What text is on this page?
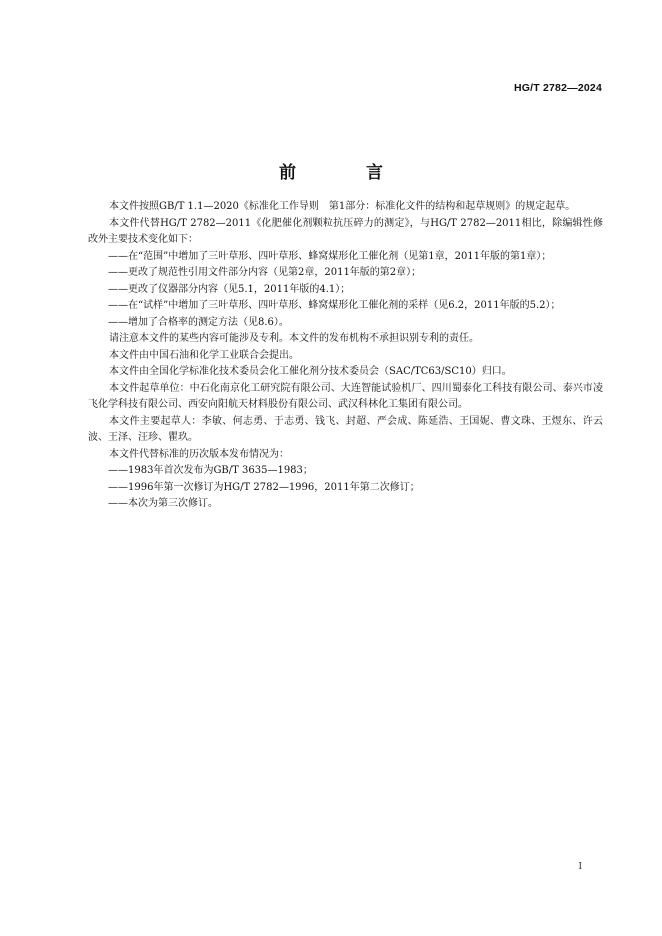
HG/T 2782—2024
前 言

本文件按照GB/T 1.1—2020《标准化工作导则　第1部分：标准化文件的结构和起草规则》的规定起草。

本文件代替HG/T 2782—2011《化肥催化剂颗粒抗压碎力的测定》，与HG/T 2782—2011相比，除编辑性修改外主要技术变化如下：

——在“范围”中增加了三叶草形、四叶草形、蜂窝煤形化工催化剂（见第1章，2011年版的第1章）；

——更改了规范性引用文件部分内容（见第2章，2011年版的第2章）；

——更改了仪器部分内容（见5.1，2011年版的4.1）；

——在“试样”中增加了三叶草形、四叶草形、蜂窝煤形化工催化剂的采样（见6.2，2011年版的5.2）；

——增加了合格率的测定方法（见8.6）。

请注意本文件的某些内容可能涉及专利。本文件的发布机构不承担识别专利的责任。

本文件由中国石油和化学工业联合会提出。

本文件由全国化学标准化技术委员会化工催化剂分技术委员会（SAC/TC63/SC10）归口。

本文件起草单位：中石化南京化工研究院有限公司、大连智能试验机厂、四川蜀泰化工科技有限公司、泰兴市凌飞化学科技有限公司、西安向阳航天材料股份有限公司、武汉科林化工集团有限公司。

本文件主要起草人：李敏、何志勇、于志勇、钱飞、封超、严会成、陈延浩、王国妮、曹文珠、王煜东、许云波、王泽、汪珍、瞿玖。

本文件代替标准的历次版本发布情况为：

——1983年首次发布为GB/T 3635—1983；

——1996年第一次修订为HG/T 2782—1996，2011年第二次修订；

——本次为第三次修订。

I
